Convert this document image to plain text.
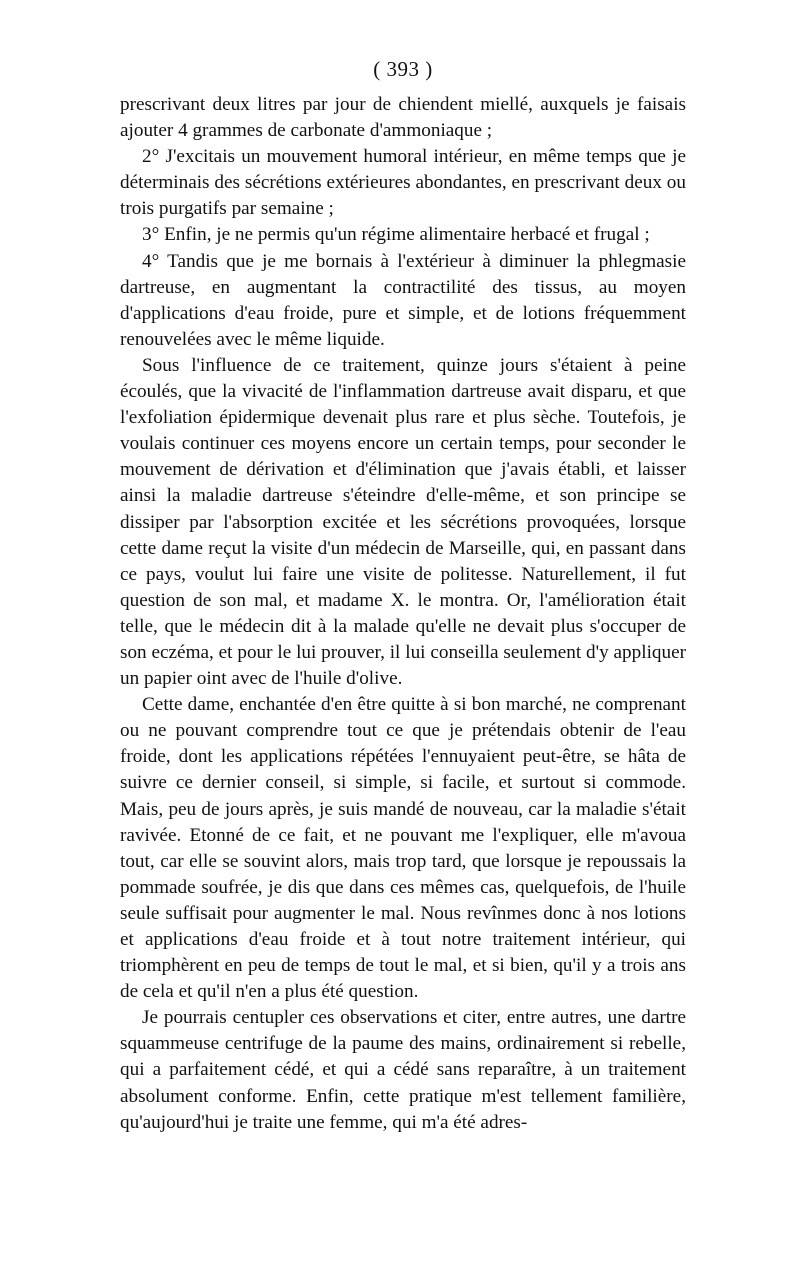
( 393 )

prescrivant deux litres par jour de chiendent miellé, auxquels je faisais ajouter 4 grammes de carbonate d'ammoniaque ;

2° J'excitais un mouvement humoral intérieur, en même temps que je déterminais des sécrétions extérieures abondantes, en prescrivant deux ou trois purgatifs par semaine ;

3° Enfin, je ne permis qu'un régime alimentaire herbacé et frugal ;

4° Tandis que je me bornais à l'extérieur à diminuer la phlegmasie dartreuse, en augmentant la contractilité des tissus, au moyen d'applications d'eau froide, pure et simple, et de lotions fréquemment renouvelées avec le même liquide.

Sous l'influence de ce traitement, quinze jours s'étaient à peine écoulés, que la vivacité de l'inflammation dartreuse avait disparu, et que l'exfoliation épidermique devenait plus rare et plus sèche. Toutefois, je voulais continuer ces moyens encore un certain temps, pour seconder le mouvement de dérivation et d'élimination que j'avais établi, et laisser ainsi la maladie dartreuse s'éteindre d'elle-même, et son principe se dissiper par l'absorption excitée et les sécrétions provoquées, lorsque cette dame reçut la visite d'un médecin de Marseille, qui, en passant dans ce pays, voulut lui faire une visite de politesse. Naturellement, il fut question de son mal, et madame X. le montra. Or, l'amélioration était telle, que le médecin dit à la malade qu'elle ne devait plus s'occuper de son eczéma, et pour le lui prouver, il lui conseilla seulement d'y appliquer un papier oint avec de l'huile d'olive.

Cette dame, enchantée d'en être quitte à si bon marché, ne comprenant ou ne pouvant comprendre tout ce que je prétendais obtenir de l'eau froide, dont les applications répétées l'ennuyaient peut-être, se hâta de suivre ce dernier conseil, si simple, si facile, et surtout si commode. Mais, peu de jours après, je suis mandé de nouveau, car la maladie s'était ravivée. Etonné de ce fait, et ne pouvant me l'expliquer, elle m'avoua tout, car elle se souvint alors, mais trop tard, que lorsque je repoussais la pommade soufrée, je dis que dans ces mêmes cas, quelquefois, de l'huile seule suffisait pour augmenter le mal. Nous revînmes donc à nos lotions et applications d'eau froide et à tout notre traitement intérieur, qui triomphèrent en peu de temps de tout le mal, et si bien, qu'il y a trois ans de cela et qu'il n'en a plus été question.

Je pourrais centupler ces observations et citer, entre autres, une dartre squammeuse centrifuge de la paume des mains, ordinairement si rebelle, qui a parfaitement cédé, et qui a cédé sans reparaître, à un traitement absolument conforme. Enfin, cette pratique m'est tellement familière, qu'aujourd'hui je traite une femme, qui m'a été adres-
